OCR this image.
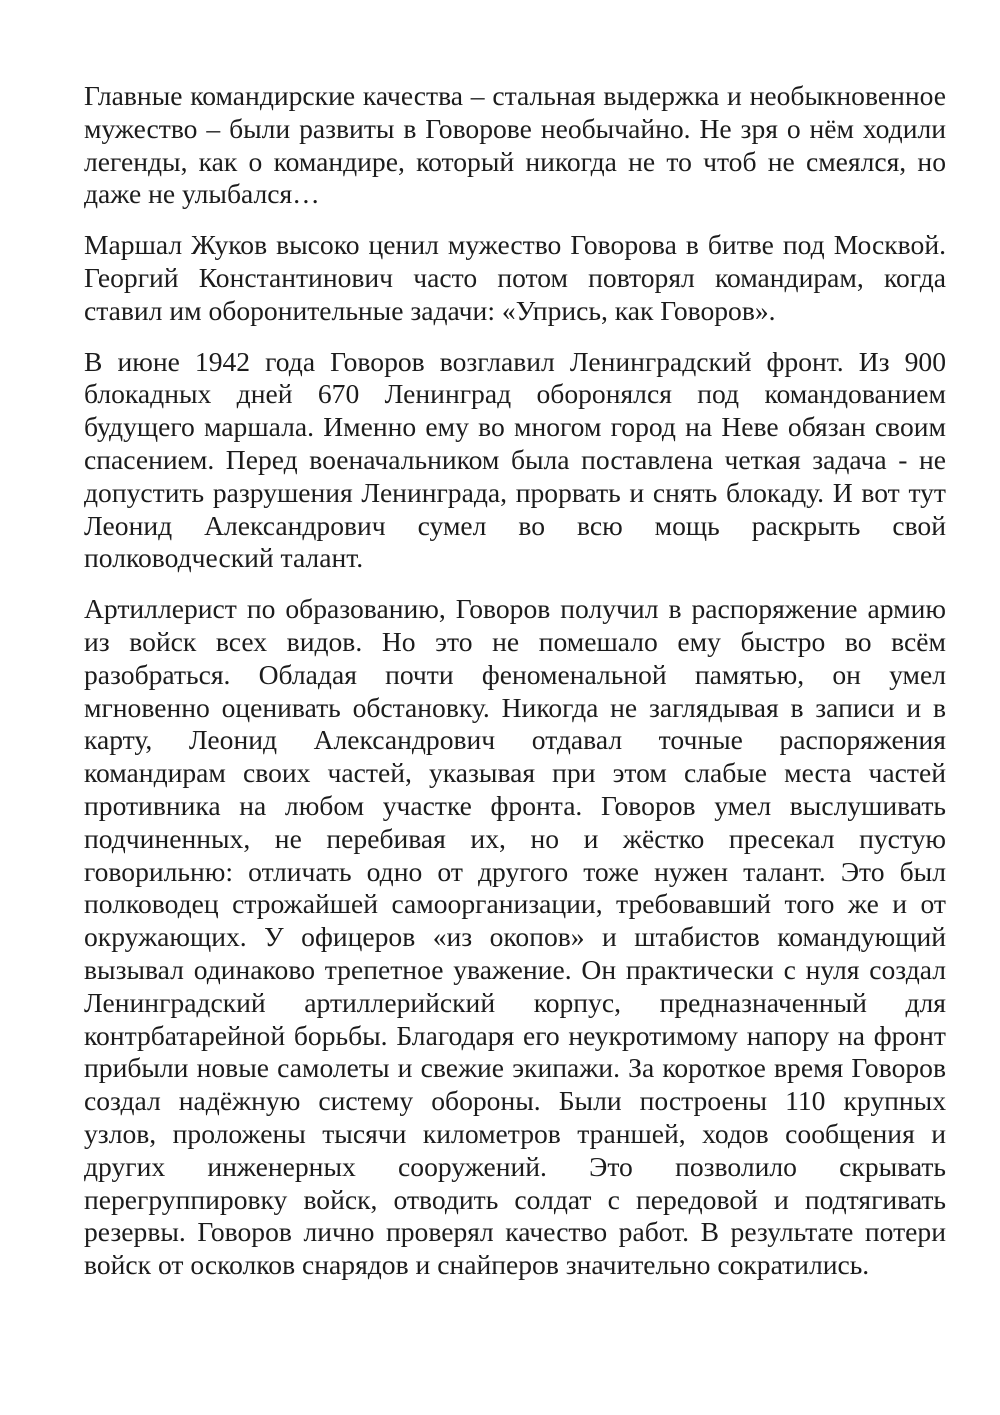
Главные командирские качества – стальная выдержка и необыкновенное мужество – были развиты в Говорове необычайно. Не зря о нём ходили легенды, как о командире, который никогда не то чтоб не смеялся, но даже не улыбался…

Маршал Жуков высоко ценил мужество Говорова в битве под Москвой. Георгий Константинович часто потом повторял командирам, когда ставил им оборонительные задачи: «Упрись, как Говоров».

В июне 1942 года Говоров возглавил Ленинградский фронт. Из 900 блокадных дней 670 Ленинград оборонялся под командованием будущего маршала. Именно ему во многом город на Неве обязан своим спасением. Перед военачальником была поставлена четкая задача - не допустить разрушения Ленинграда, прорвать и снять блокаду. И вот тут Леонид Александрович сумел во всю мощь раскрыть свой полководческий талант.

Артиллерист по образованию, Говоров получил в распоряжение армию из войск всех видов. Но это не помешало ему быстро во всём разобраться. Обладая почти феноменальной памятью, он умел мгновенно оценивать обстановку. Никогда не заглядывая в записи и в карту, Леонид Александрович отдавал точные распоряжения командирам своих частей, указывая при этом слабые места частей противника на любом участке фронта. Говоров умел выслушивать подчиненных, не перебивая их, но и жёстко пресекал пустую говорильню: отличать одно от другого тоже нужен талант. Это был полководец строжайшей самоорганизации, требовавший того же и от окружающих. У офицеров «из окопов» и штабистов командующий вызывал одинаково трепетное уважение. Он практически с нуля создал Ленинградский артиллерийский корпус, предназначенный для контрбатарейной борьбы. Благодаря его неукротимому напору на фронт прибыли новые самолеты и свежие экипажи. За короткое время Говоров создал надёжную систему обороны. Были построены 110 крупных узлов, проложены тысячи километров траншей, ходов сообщения и других инженерных сооружений. Это позволило скрывать перегруппировку войск, отводить солдат с передовой и подтягивать резервы. Говоров лично проверял качество работ. В результате потери войск от осколков снарядов и снайперов значительно сократились.
